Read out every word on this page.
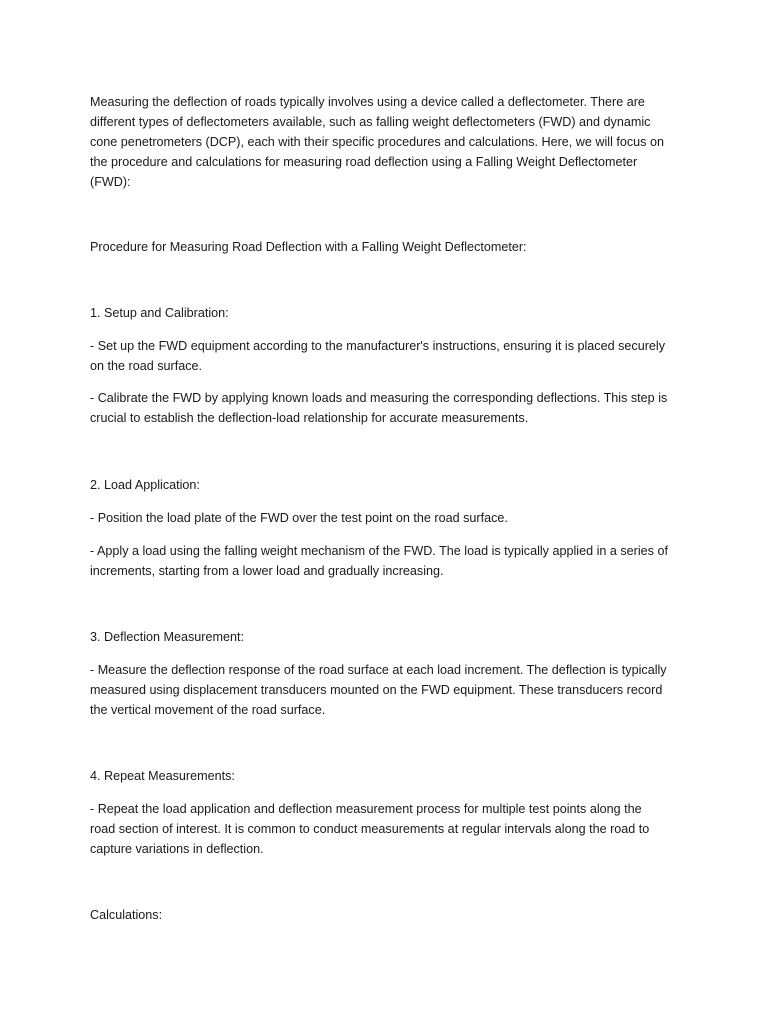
Measuring the deflection of roads typically involves using a device called a deflectometer. There are
different types of deflectometers available, such as falling weight deflectometers (FWD) and dynamic
cone penetrometers (DCP), each with their specific procedures and calculations. Here, we will focus on
the procedure and calculations for measuring road deflection using a Falling Weight Deflectometer
(FWD):
Procedure for Measuring Road Deflection with a Falling Weight Deflectometer:
1. Setup and Calibration:
- Set up the FWD equipment according to the manufacturer's instructions, ensuring it is placed securely
on the road surface.
- Calibrate the FWD by applying known loads and measuring the corresponding deflections. This step is
crucial to establish the deflection-load relationship for accurate measurements.
2. Load Application:
- Position the load plate of the FWD over the test point on the road surface.
- Apply a load using the falling weight mechanism of the FWD. The load is typically applied in a series of
increments, starting from a lower load and gradually increasing.
3. Deflection Measurement:
- Measure the deflection response of the road surface at each load increment. The deflection is typically
measured using displacement transducers mounted on the FWD equipment. These transducers record
the vertical movement of the road surface.
4. Repeat Measurements:
- Repeat the load application and deflection measurement process for multiple test points along the
road section of interest. It is common to conduct measurements at regular intervals along the road to
capture variations in deflection.
Calculations:
